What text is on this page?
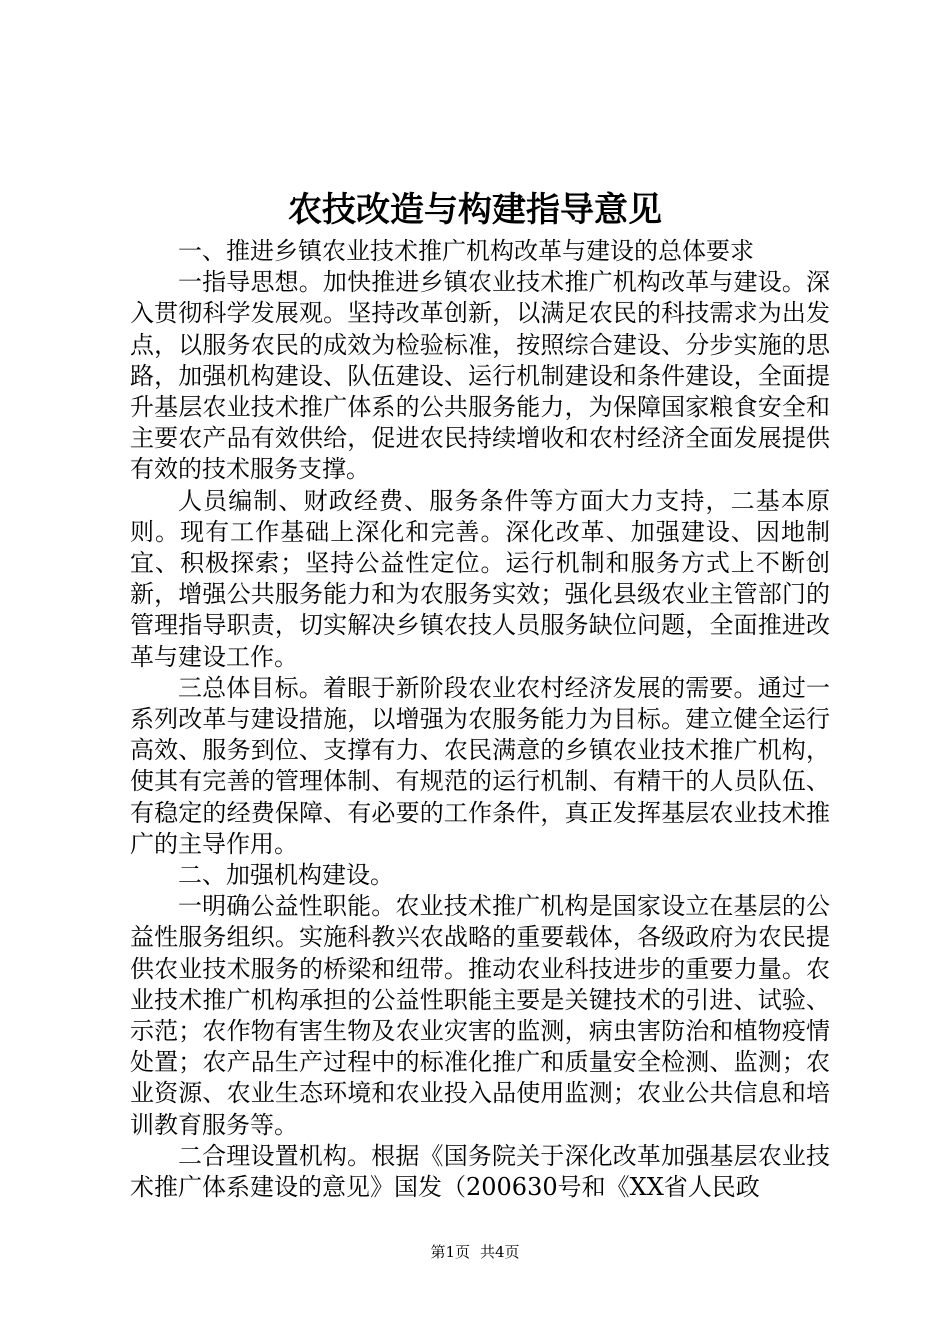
农技改造与构建指导意见

一、推进乡镇农业技术推广机构改革与建设的总体要求

一指导思想。加快推进乡镇农业技术推广机构改革与建设。深入贯彻科学发展观。坚持改革创新，以满足农民的科技需求为出发点，以服务农民的成效为检验标准，按照综合建设、分步实施的思路，加强机构建设、队伍建设、运行机制建设和条件建设，全面提升基层农业技术推广体系的公共服务能力，为保障国家粮食安全和主要农产品有效供给，促进农民持续增收和农村经济全面发展提供有效的技术服务支撑。

人员编制、财政经费、服务条件等方面大力支持，二基本原则。现有工作基础上深化和完善。深化改革、加强建设、因地制宜、积极探索；坚持公益性定位。运行机制和服务方式上不断创新，增强公共服务能力和为农服务实效；强化县级农业主管部门的管理指导职责，切实解决乡镇农技人员服务缺位问题，全面推进改革与建设工作。

三总体目标。着眼于新阶段农业农村经济发展的需要。通过一系列改革与建设措施，以增强为农服务能力为目标。建立健全运行高效、服务到位、支撑有力、农民满意的乡镇农业技术推广机构，使其有完善的管理体制、有规范的运行机制、有精干的人员队伍、有稳定的经费保障、有必要的工作条件，真正发挥基层农业技术推广的主导作用。

二、加强机构建设。

一明确公益性职能。农业技术推广机构是国家设立在基层的公益性服务组织。实施科教兴农战略的重要载体，各级政府为农民提供农业技术服务的桥梁和纽带。推动农业科技进步的重要力量。农业技术推广机构承担的公益性职能主要是关键技术的引进、试验、示范；农作物有害生物及农业灾害的监测，病虫害防治和植物疫情处置；农产品生产过程中的标准化推广和质量安全检测、监测；农业资源、农业生态环境和农业投入品使用监测；农业公共信息和培训教育服务等。

二合理设置机构。根据《国务院关于深化改革加强基层农业技术推广体系建设的意见》国发（200630号和《XX省人民政

第1页 共4页
